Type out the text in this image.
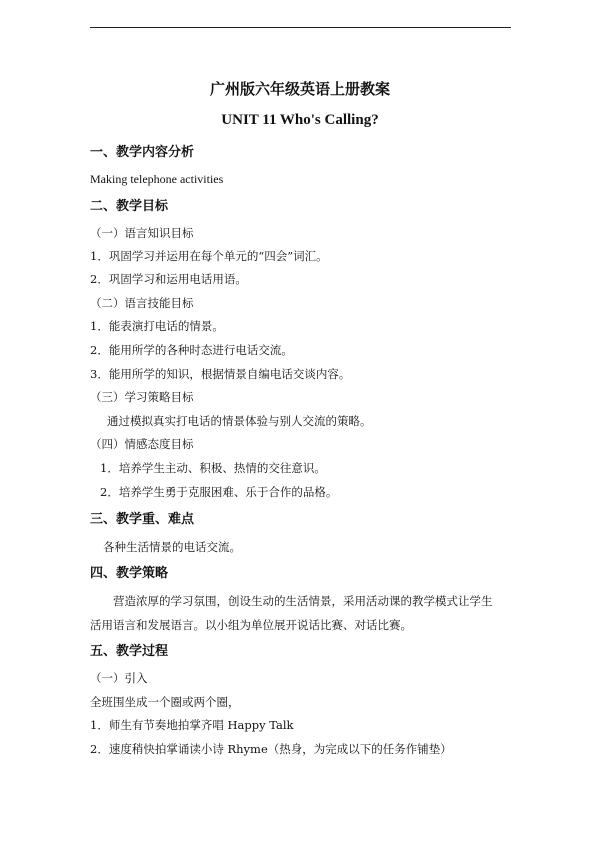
广州版六年级英语上册教案
UNIT 11 Who's Calling?
一、教学内容分析
Making telephone activities
二、教学目标
（一）语言知识目标
1．巩固学习并运用在每个单元的“四会”词汇。
2．巩固学习和运用电话用语。
（二）语言技能目标
1．能表演打电话的情景。
2．能用所学的各种时态进行电话交流。
3．能用所学的知识，根据情景自编电话交谈内容。
（三）学习策略目标
通过模拟真实打电话的情景体验与别人交流的策略。
（四）情感态度目标
1．培养学生主动、积极、热情的交往意识。
2．培养学生勇于克服困难、乐于合作的品格。
三、教学重、难点
各种生活情景的电话交流。
四、教学策略
营造浓厚的学习氛围，创设生动的生活情景，采用活动课的教学模式让学生
活用语言和发展语言。以小组为单位展开说话比赛、对话比赛。
五、教学过程
（一）引入
全班围坐成一个圈或两个圈，
1．师生有节奏地拍掌齐唱 Happy Talk
2．速度稍快拍掌诵读小诗 Rhyme（热身，为完成以下的任务作铺垫）
